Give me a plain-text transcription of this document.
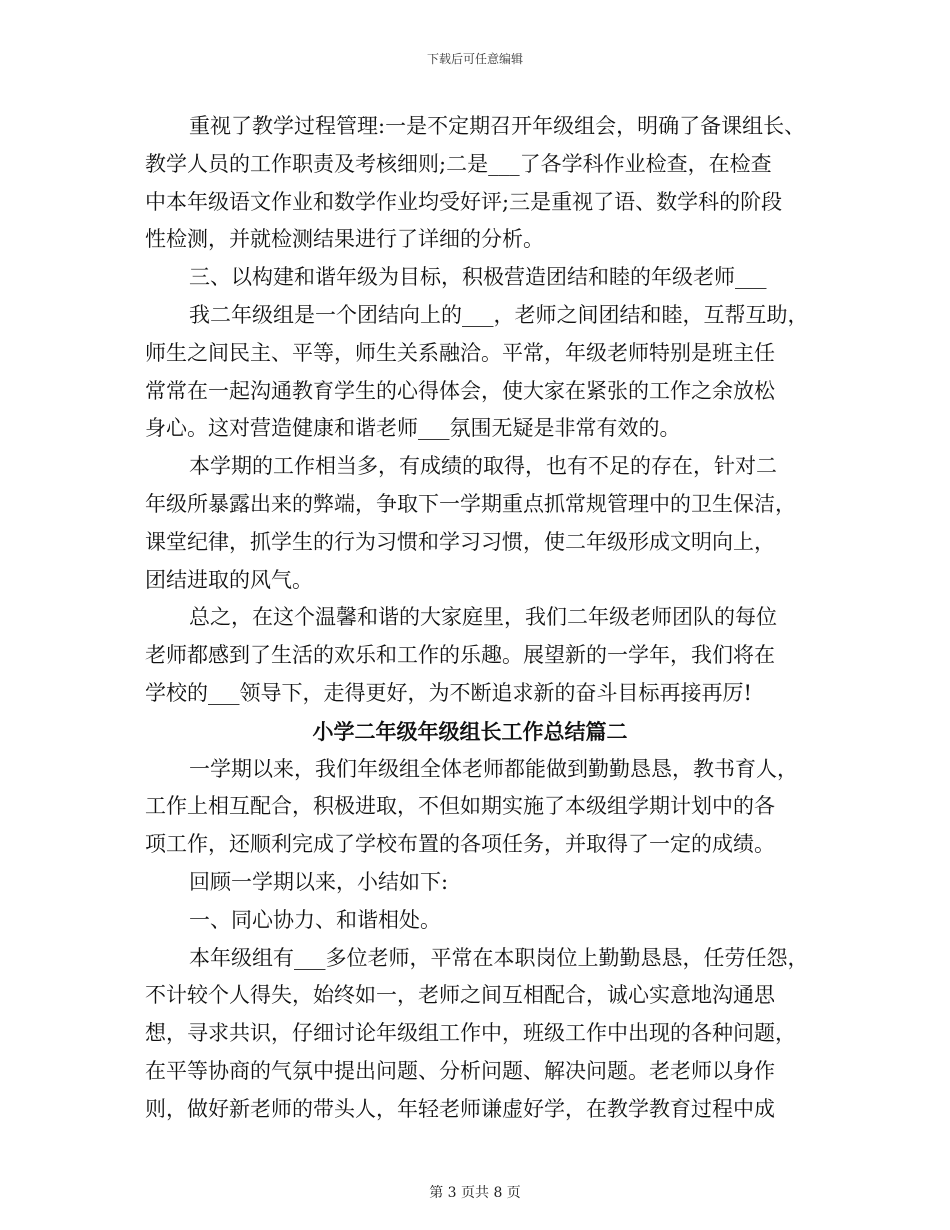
下载后可任意编辑
重视了教学过程管理:一是不定期召开年级组会，明确了备课组长、
教学人员的工作职责及考核细则;二是___了各学科作业检查，在检查
中本年级语文作业和数学作业均受好评;三是重视了语、数学科的阶段
性检测，并就检测结果进行了详细的分析。
三、以构建和谐年级为目标，积极营造团结和睦的年级老师___
我二年级组是一个团结向上的___，老师之间团结和睦，互帮互助，
师生之间民主、平等，师生关系融洽。平常，年级老师特别是班主任
常常在一起沟通教育学生的心得体会，使大家在紧张的工作之余放松
身心。这对营造健康和谐老师___氛围无疑是非常有效的。
本学期的工作相当多，有成绩的取得，也有不足的存在，针对二
年级所暴露出来的弊端，争取下一学期重点抓常规管理中的卫生保洁，
课堂纪律，抓学生的行为习惯和学习习惯，使二年级形成文明向上，
团结进取的风气。
总之，在这个温馨和谐的大家庭里，我们二年级老师团队的每位
老师都感到了生活的欢乐和工作的乐趣。展望新的一学年，我们将在
学校的___领导下，走得更好，为不断追求新的奋斗目标再接再厉!
小学二年级年级组长工作总结篇二
一学期以来，我们年级组全体老师都能做到勤勤恳恳，教书育人，
工作上相互配合，积极进取，不但如期实施了本级组学期计划中的各
项工作，还顺利完成了学校布置的各项任务，并取得了一定的成绩。
回顾一学期以来，小结如下:
一、同心协力、和谐相处。
本年级组有___多位老师，平常在本职岗位上勤勤恳恳，任劳任怨，
不计较个人得失，始终如一，老师之间互相配合，诚心实意地沟通思
想，寻求共识，仔细讨论年级组工作中，班级工作中出现的各种问题，
在平等协商的气氛中提出问题、分析问题、解决问题。老老师以身作
则，做好新老师的带头人，年轻老师谦虚好学，在教学教育过程中成
第 3 页共 8 页
